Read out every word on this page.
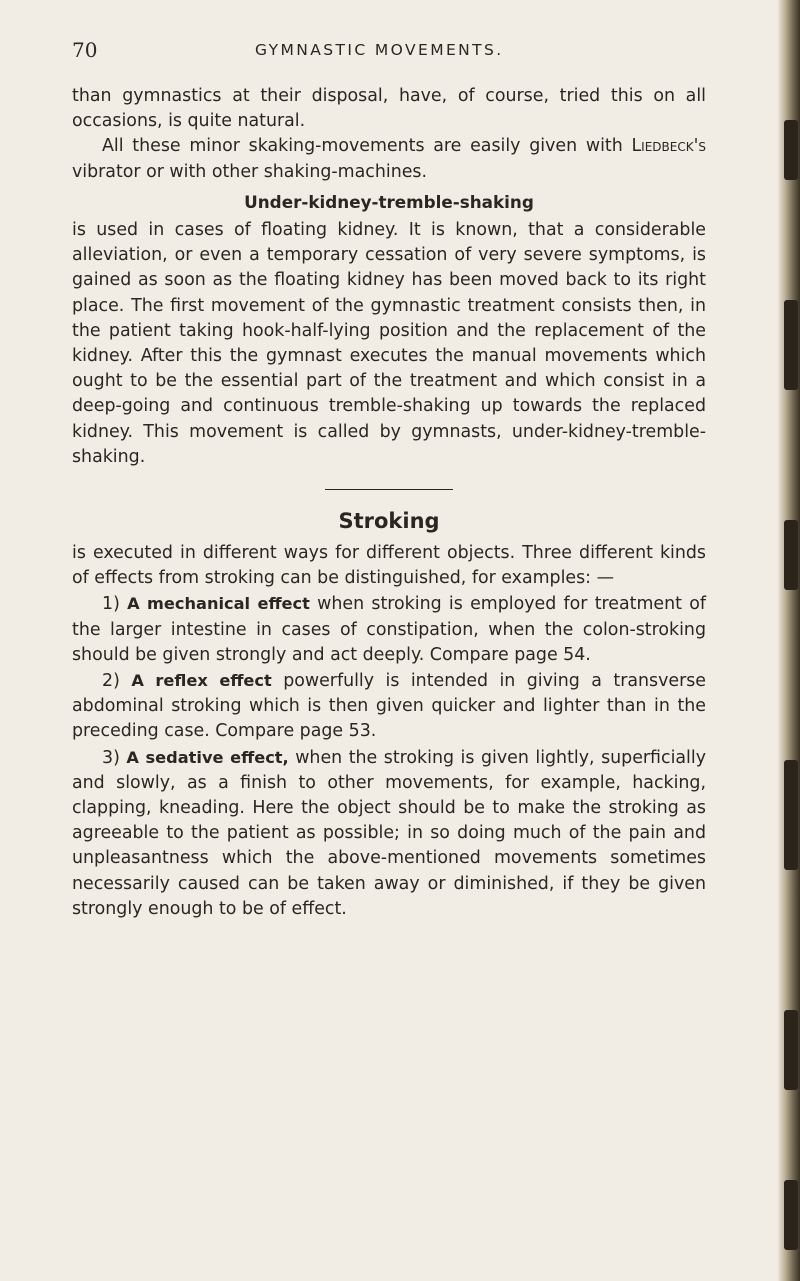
70	GYMNASTIC MOVEMENTS.

than gymnastics at their disposal, have, of course, tried this on all occasions, is quite natural.

All these minor skaking-movements are easily given with Liedbeck's vibrator or with other shaking-machines.

Under-kidney-tremble-shaking

is used in cases of floating kidney. It is known, that a considerable alleviation, or even a temporary cessation of very severe symptoms, is gained as soon as the floating kidney has been moved back to its right place. The first movement of the gymnastic treatment consists then, in the patient taking hook-half-lying position and the replacement of the kidney. After this the gymnast executes the manual movements which ought to be the essential part of the treatment and which consist in a deep-going and continuous tremble-shaking up towards the replaced kidney. This movement is called by gymnasts, under-kidney-tremble-shaking.

Stroking

is executed in different ways for different objects. Three different kinds of effects from stroking can be distinguished, for examples: —

1) A mechanical effect when stroking is employed for treatment of the larger intestine in cases of constipation, when the colon-stroking should be given strongly and act deeply. Compare page 54.

2) A reflex effect powerfully is intended in giving a transverse abdominal stroking which is then given quicker and lighter than in the preceding case. Compare page 53.

3) A sedative effect, when the stroking is given lightly, superficially and slowly, as a finish to other movements, for example, hacking, clapping, kneading. Here the object should be to make the stroking as agreeable to the patient as possible; in so doing much of the pain and unpleasantness which the above-mentioned movements sometimes necessarily caused can be taken away or diminished, if they be given strongly enough to be of effect.
